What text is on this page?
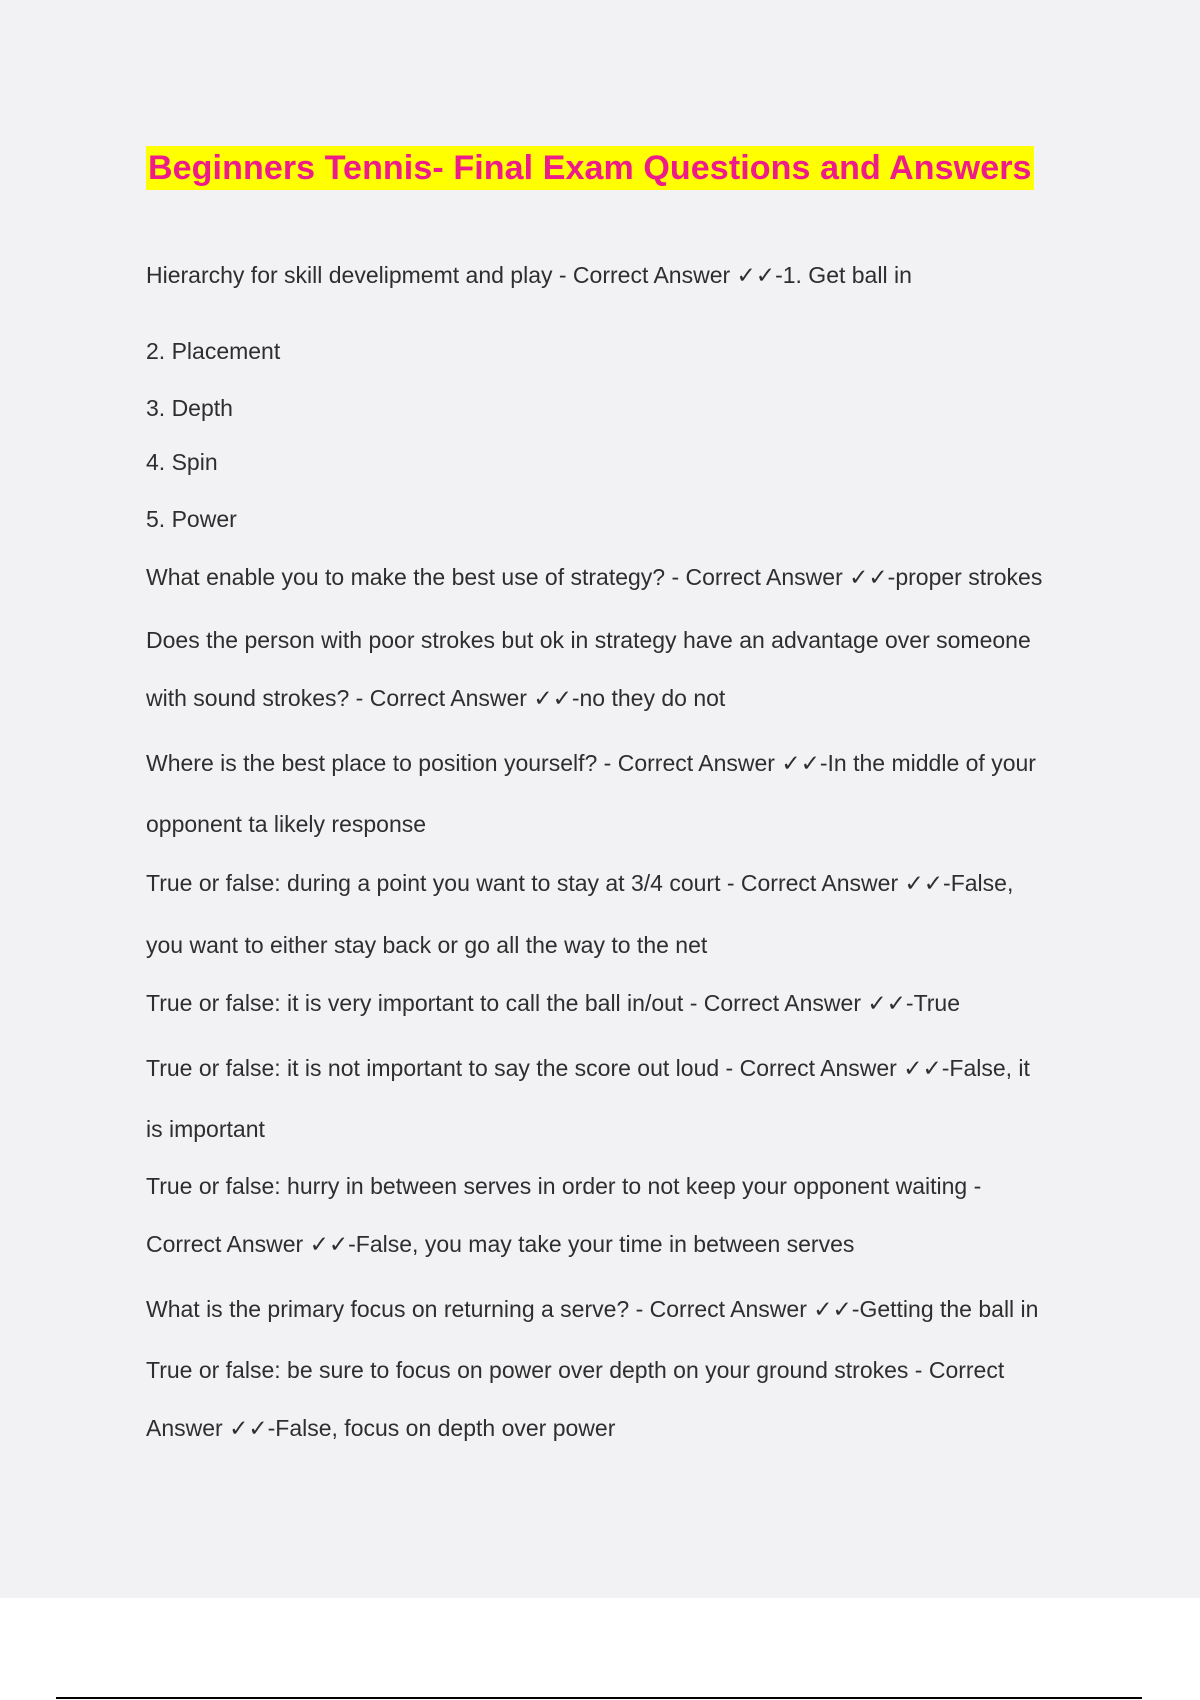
Beginners Tennis- Final Exam Questions and Answers
Hierarchy for skill develipmemt and play - Correct Answer ✓✓-1. Get ball in
2. Placement
3. Depth
4. Spin
5. Power
What enable you to make the best use of strategy? - Correct Answer ✓✓-proper strokes
Does the person with poor strokes but ok in strategy have an advantage over someone
with sound strokes? - Correct Answer ✓✓-no they do not
Where is the best place to position yourself? - Correct Answer ✓✓-In the middle of your
opponent ta likely response
True or false: during a point you want to stay at 3/4 court - Correct Answer ✓✓-False,
you want to either stay back or go all the way to the net
True or false: it is very important to call the ball in/out - Correct Answer ✓✓-True
True or false: it is not important to say the score out loud - Correct Answer ✓✓-False, it
is important
True or false: hurry in between serves in order to not keep your opponent waiting -
Correct Answer ✓✓-False, you may take your time in between serves
What is the primary focus on returning a serve? - Correct Answer ✓✓-Getting the ball in
True or false: be sure to focus on power over depth on your ground strokes - Correct
Answer ✓✓-False, focus on depth over power
